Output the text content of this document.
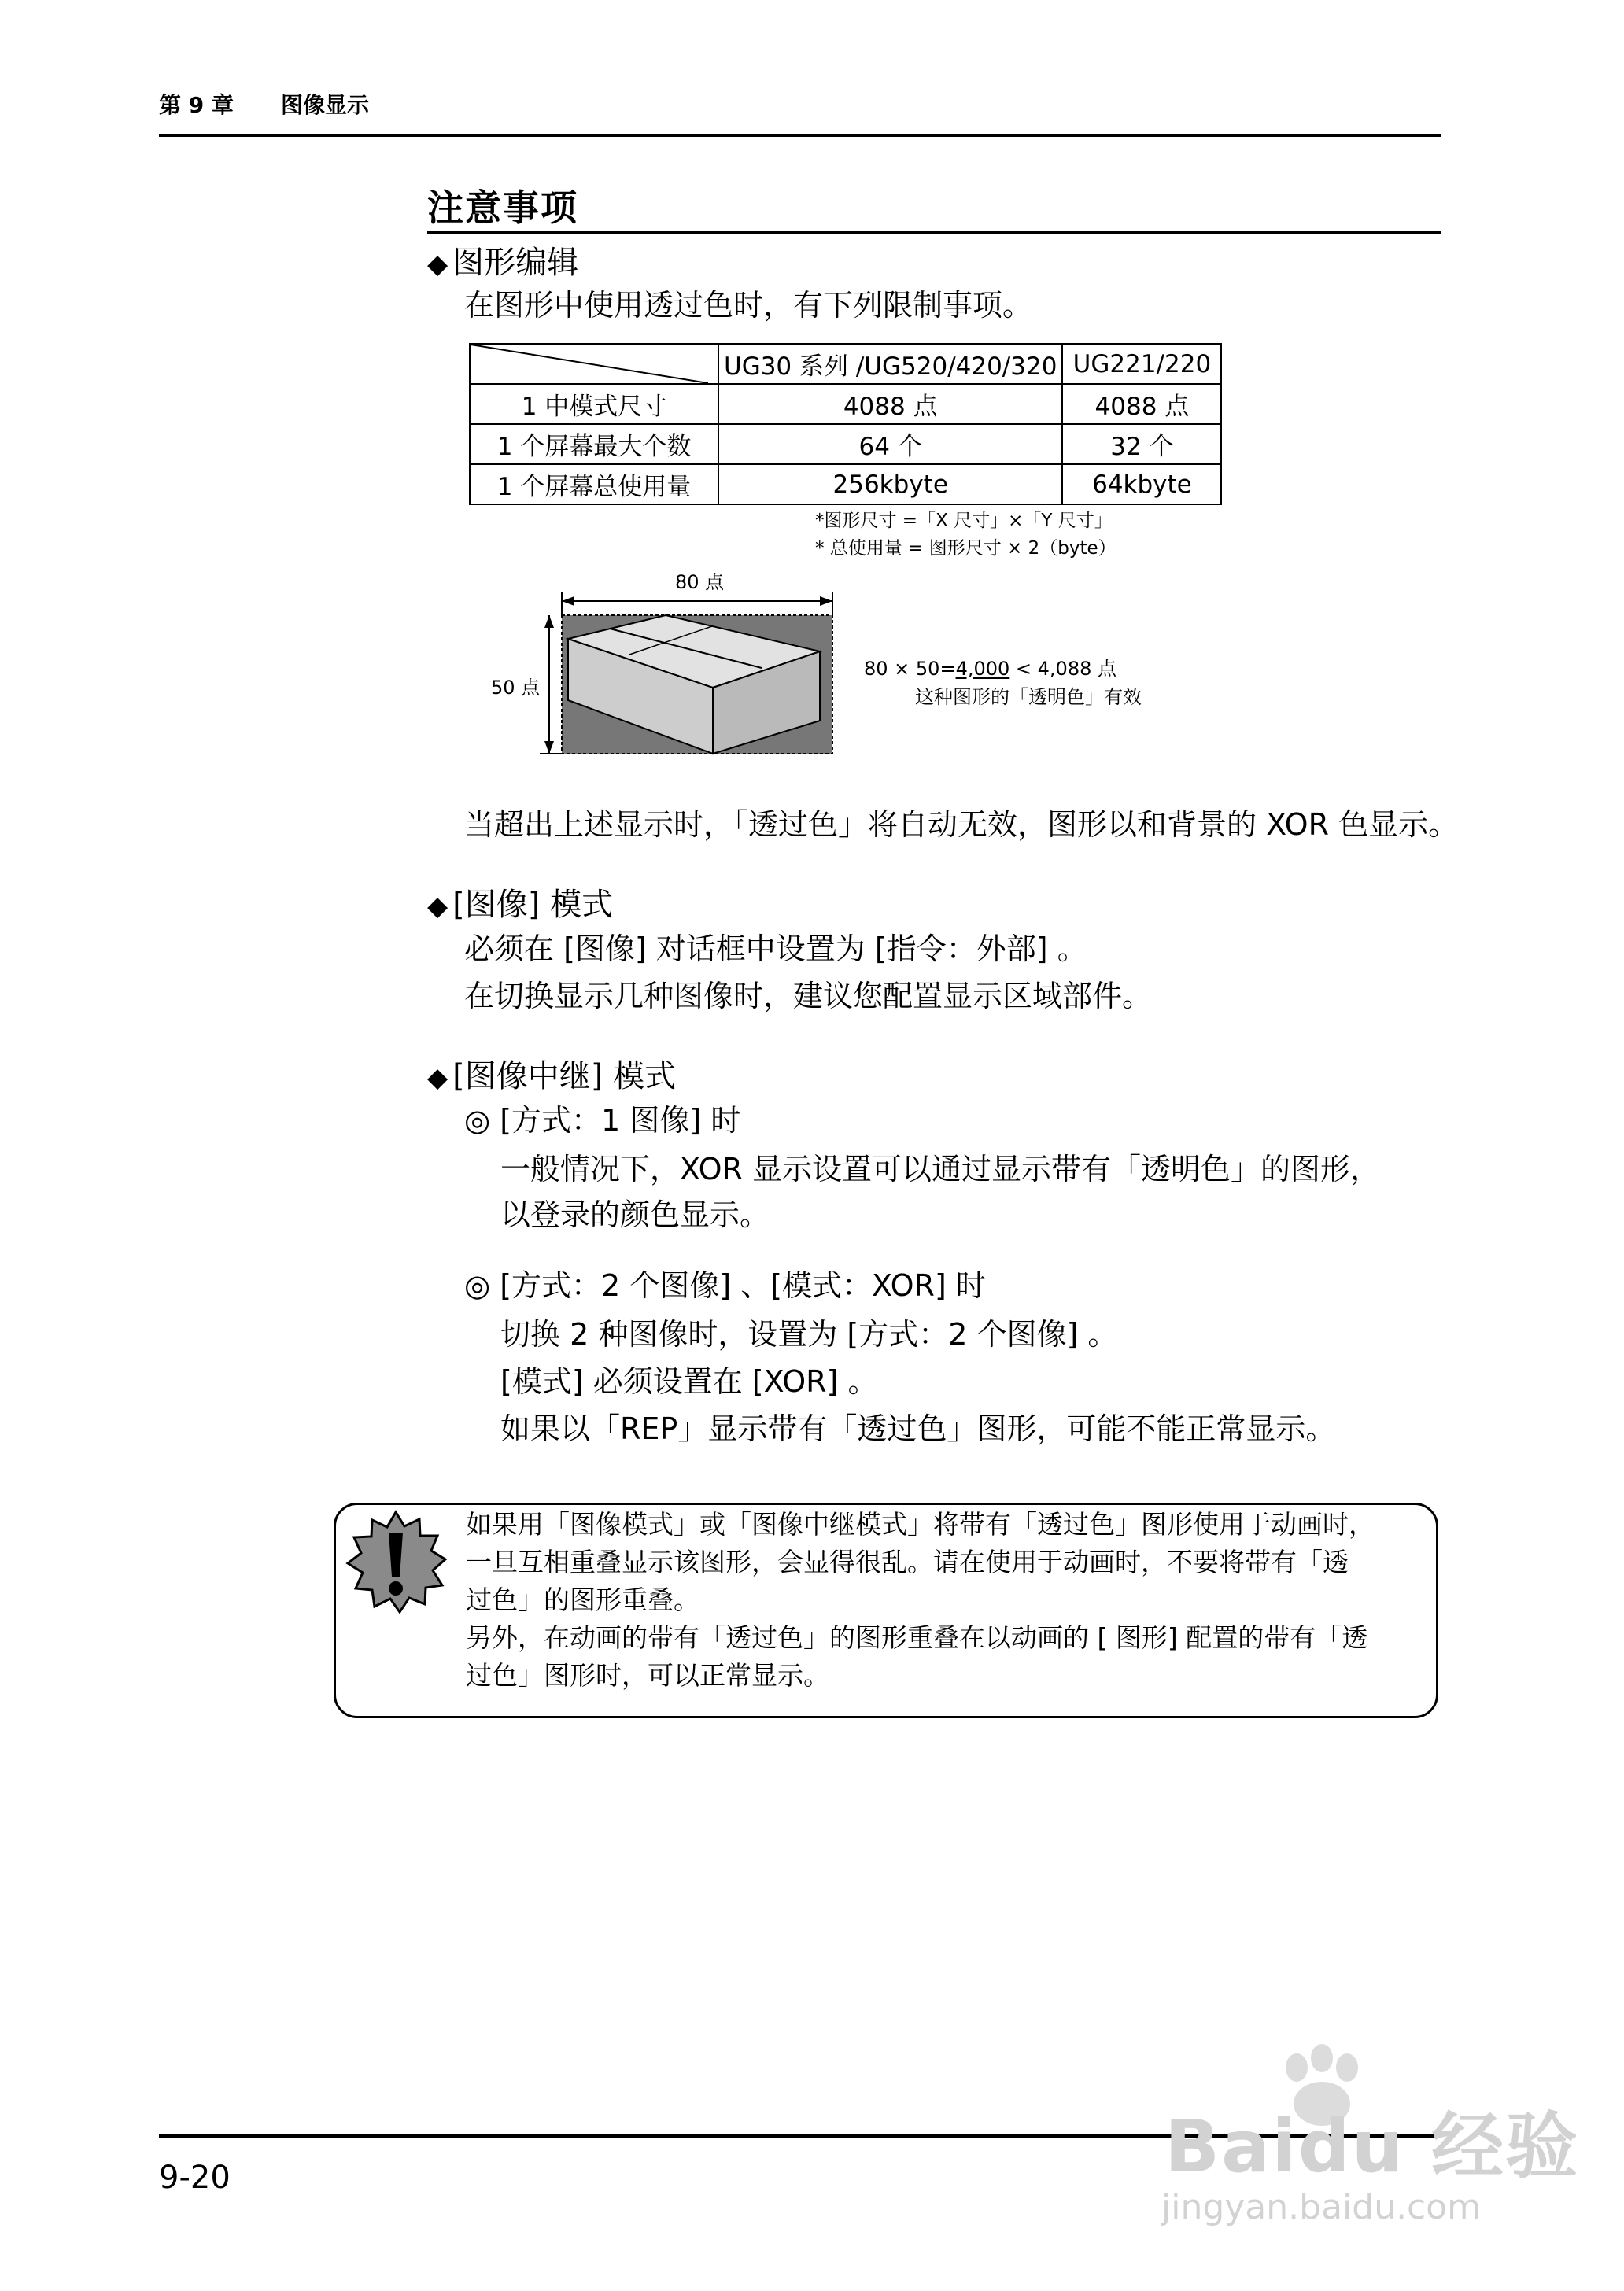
第 9 章 图像显示
注意事项
◆ 图形编辑
在图形中使用透过色时，有下列限制事项。
	UG30 系列 /UG520/420/320	UG221/220
1 中模式尺寸	4088 点	4088 点
1 个屏幕最大个数	64 个	32 个
1 个屏幕总使用量	256kbyte	64kbyte
*图形尺寸 =「X 尺寸」×「Y 尺寸」
* 总使用量 = 图形尺寸 × 2（byte）
80 点
50 点
80 × 50=4,000 < 4,088 点
这种图形的「透明色」有效
当超出上述显示时，「透过色」将自动无效，图形以和背景的 XOR 色显示。
◆ [图像] 模式
必须在 [图像] 对话框中设置为 [指令：外部] 。
在切换显示几种图像时，建议您配置显示区域部件。
◆ [图像中继] 模式
◎ [方式：1 图像] 时
一般情况下，XOR 显示设置可以通过显示带有「透明色」的图形，
以登录的颜色显示。
◎ [方式：2 个图像] 、[模式：XOR] 时
切换 2 种图像时，设置为 [方式：2 个图像] 。
[模式] 必须设置在 [XOR] 。
如果以「REP」显示带有「透过色」图形，可能不能正常显示。
如果用「图像模式」或「图像中继模式」将带有「透过色」图形使用于动画时，
一旦互相重叠显示该图形，会显得很乱。请在使用于动画时，不要将带有「透
过色」的图形重叠。
另外，在动画的带有「透过色」的图形重叠在以动画的 [ 图形] 配置的带有「透
过色」图形时，可以正常显示。
9-20	Baidu 经验
jingyan.baidu.com
